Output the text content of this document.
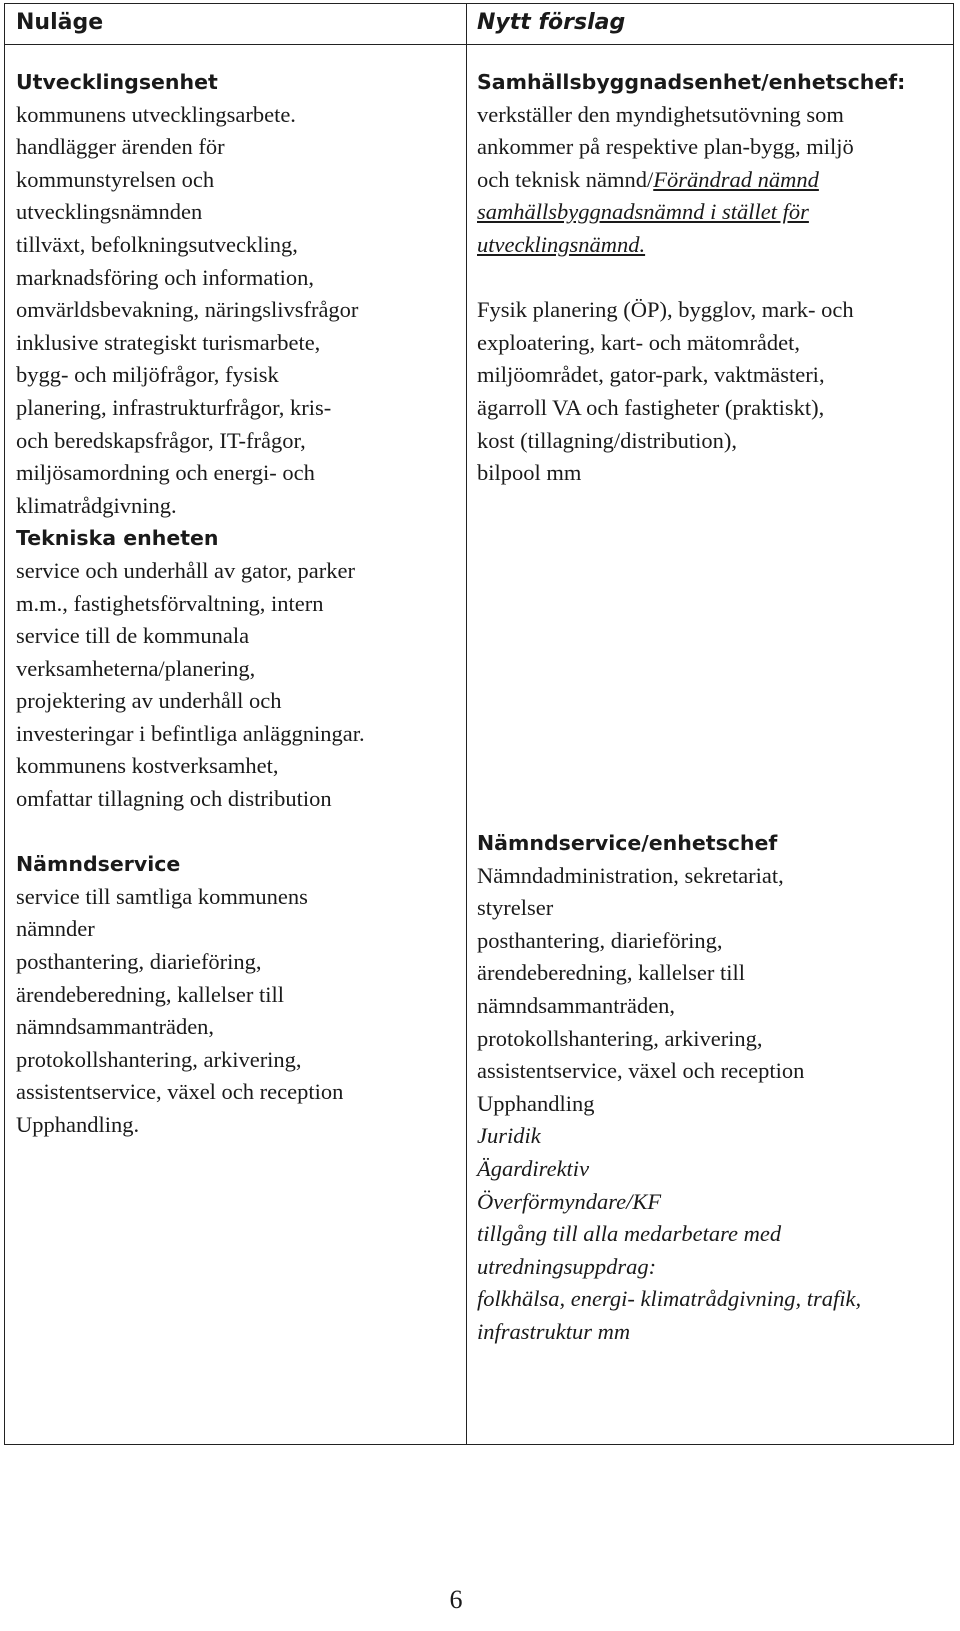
Nuläge	Nytt förslag
Utvecklingsenhet
kommunens utvecklingsarbete.
handlägger ärenden för
kommunstyrelsen och
utvecklingsnämnden
tillväxt, befolkningsutveckling,
marknadsföring och information,
omvärldsbevakning, näringslivsfrågor
inklusive strategiskt turismarbete,
bygg- och miljöfrågor, fysisk
planering, infrastrukturfrågor, kris-
och beredskapsfrågor, IT-frågor,
miljösamordning och energi- och
klimatrådgivning.
Tekniska enheten
service och underhåll av gator, parker
m.m., fastighetsförvaltning, intern
service till de kommunala
verksamheterna/planering,
projektering av underhåll och
investeringar i befintliga anläggningar.
kommunens kostverksamhet,
omfattar tillagning och distribution
Nämndservice
service till samtliga kommunens
nämnder
posthantering, diarieföring,
ärendeberedning, kallelser till
nämndsammanträden,
protokollshantering, arkivering,
assistentservice, växel och reception
Upphandling.
Samhällsbyggnadsenhet/enhetschef:
verkställer den myndighetsutövning som
ankommer på respektive plan-bygg, miljö
och teknisk nämnd/Förändrad nämnd
samhällsbyggnadsnämnd i stället för
utvecklingsnämnd.
Fysik planering (ÖP), bygglov, mark- och
exploatering, kart- och mätområdet,
miljöområdet, gator-park, vaktmästeri,
ägarroll VA och fastigheter (praktiskt),
kost (tillagning/distribution),
bilpool mm
Nämndservice/enhetschef
Nämndadministration, sekretariat,
styrelser
posthantering, diarieföring,
ärendeberedning, kallelser till
nämndsammanträden,
protokollshantering, arkivering,
assistentservice, växel och reception
Upphandling
Juridik
Ägardirektiv
Överförmyndare/KF
tillgång till alla medarbetare med
utredningsuppdrag:
folkhälsa, energi- klimatrådgivning, trafik,
infrastruktur mm
6
